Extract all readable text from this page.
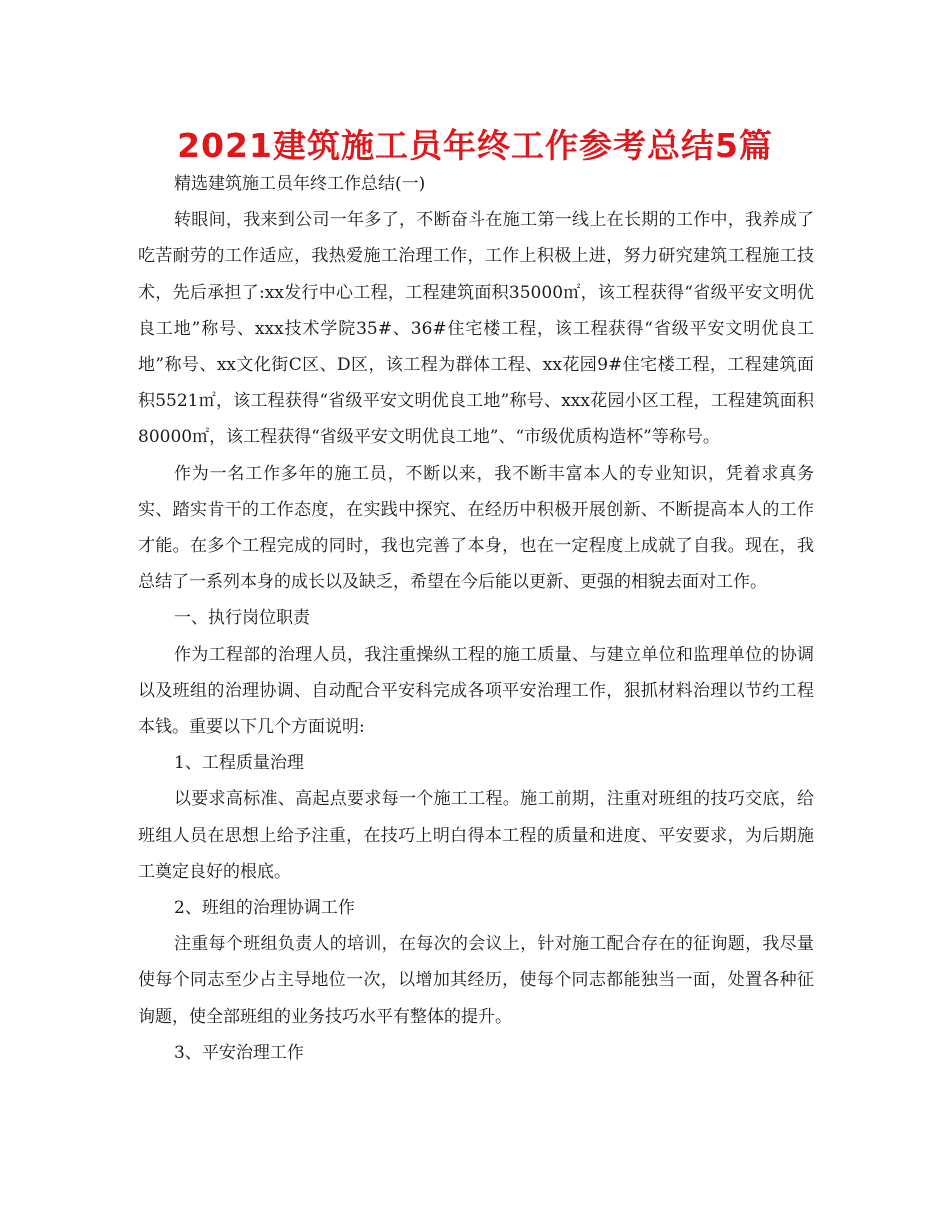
2021建筑施工员年终工作参考总结5篇

精选建筑施工员年终工作总结(一)

转眼间，我来到公司一年多了，不断奋斗在施工第一线上在长期的工作中，我养成了吃苦耐劳的工作适应，我热爱施工治理工作，工作上积极上进，努力研究建筑工程施工技术，先后承担了:xx发行中心工程，工程建筑面积35000㎡，该工程获得“省级平安文明优良工地”称号、xxx技术学院35#、36#住宅楼工程，该工程获得“省级平安文明优良工地”称号、xx文化街C区、D区，该工程为群体工程、xx花园9#住宅楼工程，工程建筑面积5521㎡，该工程获得“省级平安文明优良工地”称号、xxx花园小区工程，工程建筑面积80000㎡，该工程获得“省级平安文明优良工地”、“市级优质构造杯”等称号。

作为一名工作多年的施工员，不断以来，我不断丰富本人的专业知识，凭着求真务实、踏实肯干的工作态度，在实践中探究、在经历中积极开展创新、不断提高本人的工作才能。在多个工程完成的同时，我也完善了本身，也在一定程度上成就了自我。现在，我总结了一系列本身的成长以及缺乏，希望在今后能以更新、更强的相貌去面对工作。

一、执行岗位职责

作为工程部的治理人员，我注重操纵工程的施工质量、与建立单位和监理单位的协调以及班组的治理协调、自动配合平安科完成各项平安治理工作，狠抓材料治理以节约工程本钱。重要以下几个方面说明:

1、工程质量治理

以要求高标准、高起点要求每一个施工工程。施工前期，注重对班组的技巧交底，给班组人员在思想上给予注重，在技巧上明白得本工程的质量和进度、平安要求，为后期施工奠定良好的根底。

2、班组的治理协调工作

注重每个班组负责人的培训，在每次的会议上，针对施工配合存在的征询题，我尽量使每个同志至少占主导地位一次，以增加其经历，使每个同志都能独当一面，处置各种征询题，使全部班组的业务技巧水平有整体的提升。

3、平安治理工作
